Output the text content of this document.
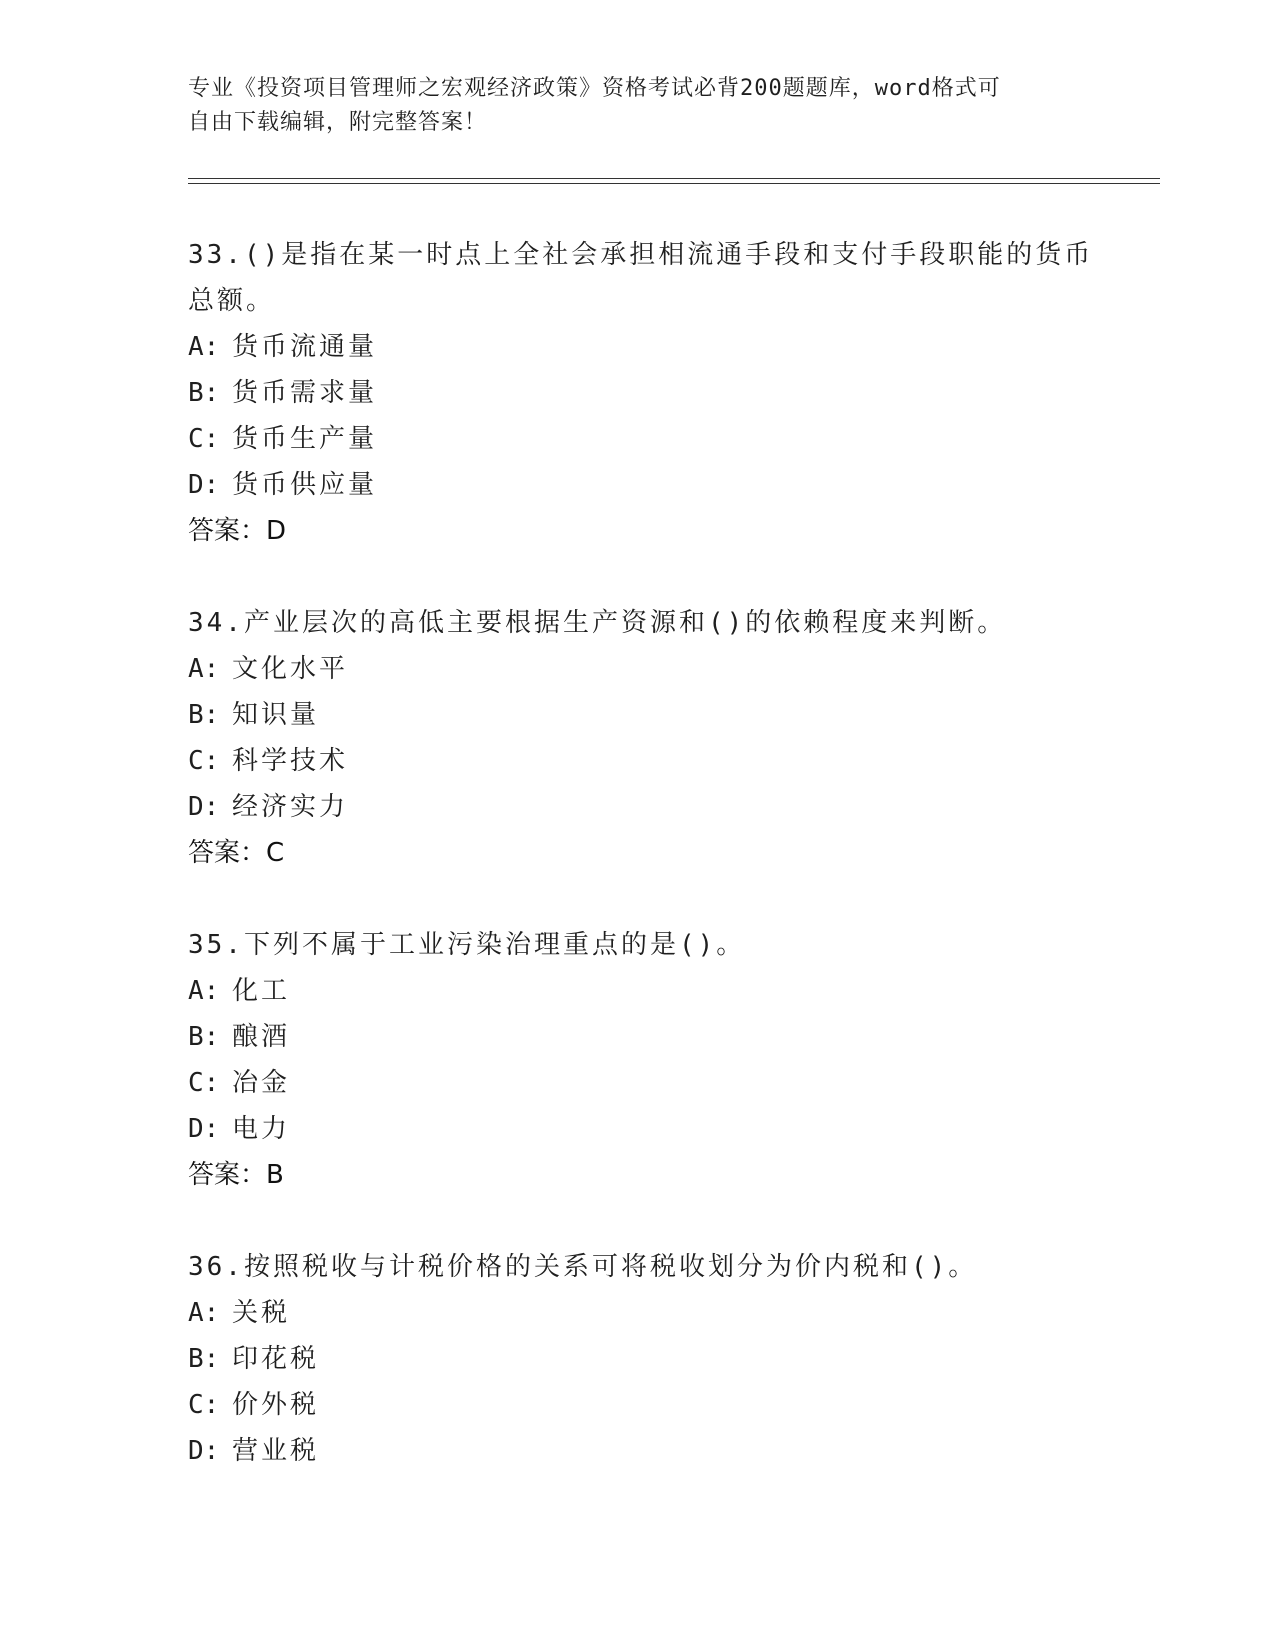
专业《投资项目管理师之宏观经济政策》资格考试必背200题题库，word格式可
自由下载编辑，附完整答案！
33.()是指在某一时点上全社会承担相流通手段和支付手段职能的货币
总额。
A: 货币流通量
B: 货币需求量
C: 货币生产量
D: 货币供应量
答案：D
34.产业层次的高低主要根据生产资源和()的依赖程度来判断。
A: 文化水平
B: 知识量
C: 科学技术
D: 经济实力
答案：C
35.下列不属于工业污染治理重点的是()。
A: 化工
B: 酿酒
C: 冶金
D: 电力
答案：B
36.按照税收与计税价格的关系可将税收划分为价内税和()。
A: 关税
B: 印花税
C: 价外税
D: 营业税
